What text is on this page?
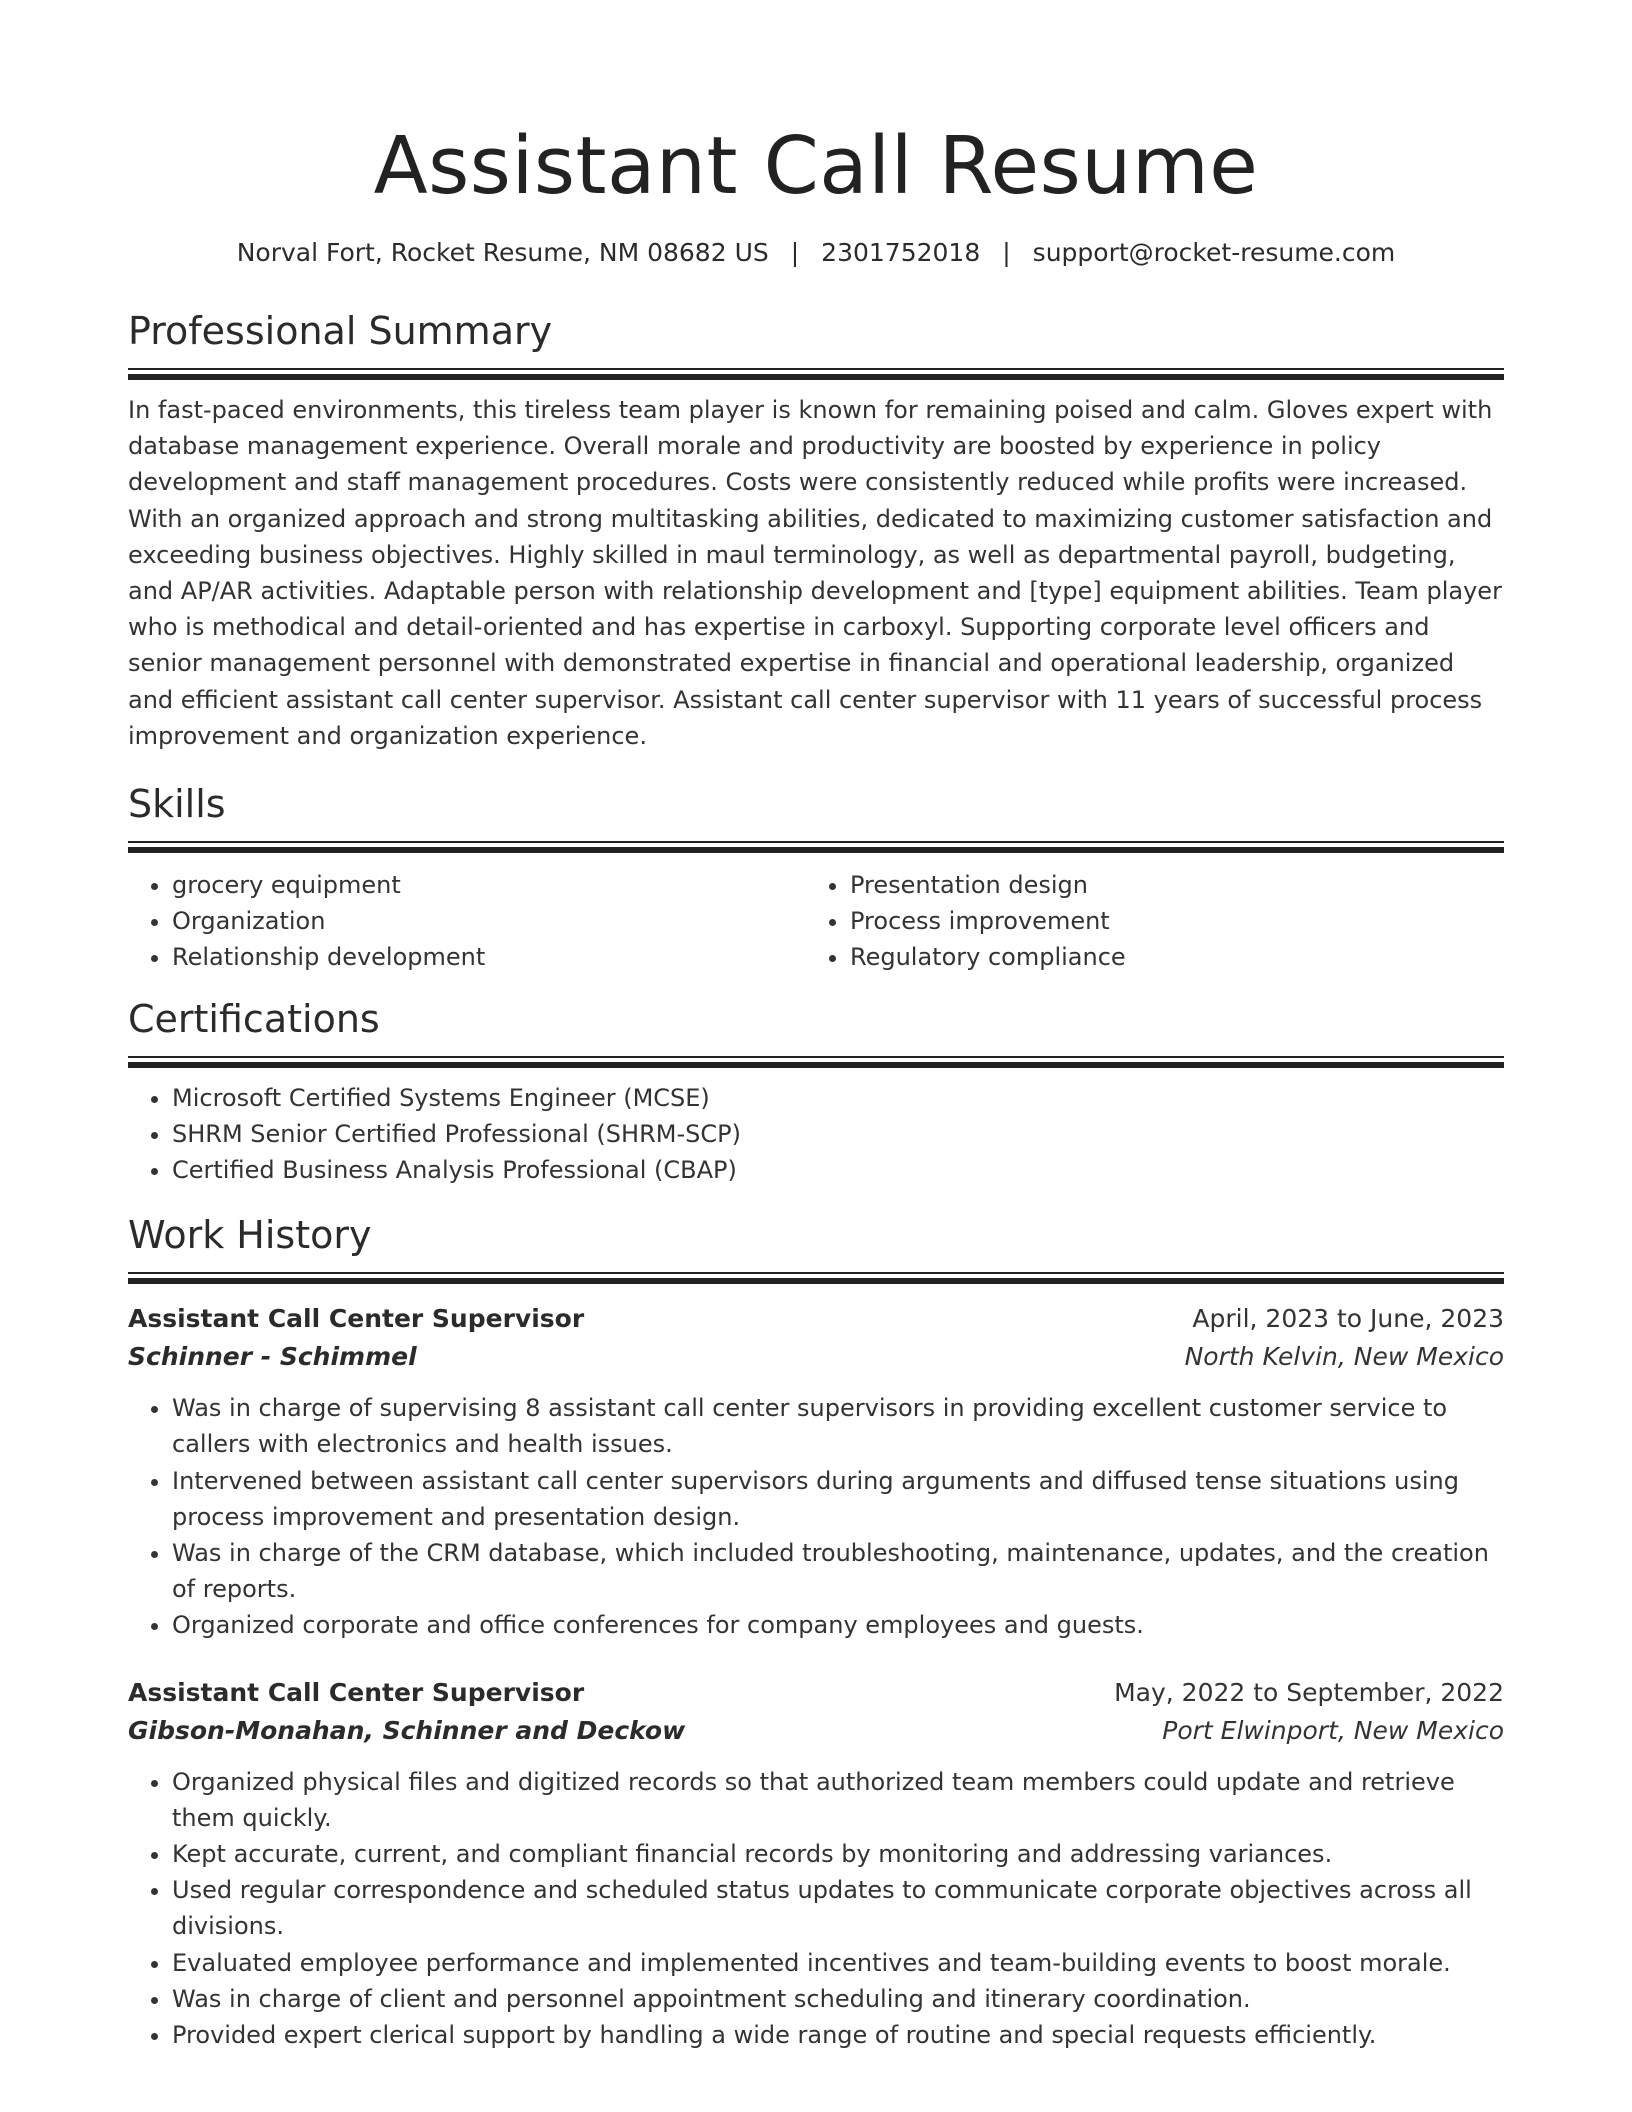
Assistant Call Resume
Norval Fort, Rocket Resume, NM 08682 US | 2301752018 | support@rocket-resume.com
Professional Summary

In fast-paced environments, this tireless team player is known for remaining poised and calm. Gloves expert with database management experience. Overall morale and productivity are boosted by experience in policy development and staff management procedures. Costs were consistently reduced while profits were increased. With an organized approach and strong multitasking abilities, dedicated to maximizing customer satisfaction and exceeding business objectives. Highly skilled in maul terminology, as well as departmental payroll, budgeting, and AP/AR activities. Adaptable person with relationship development and [type] equipment abilities. Team player who is methodical and detail-oriented and has expertise in carboxyl. Supporting corporate level officers and senior management personnel with demonstrated expertise in financial and operational leadership, organized and efficient assistant call center supervisor. Assistant call center supervisor with 11 years of successful process improvement and organization experience.

Skills
• grocery equipment
• Organization
• Relationship development
• Presentation design
• Process improvement
• Regulatory compliance
Certifications
• Microsoft Certified Systems Engineer (MCSE)
• SHRM Senior Certified Professional (SHRM-SCP)
• Certified Business Analysis Professional (CBAP)
Work History
Assistant Call Center Supervisor	April, 2023 to June, 2023
Schinner - Schimmel	North Kelvin, New Mexico
• Was in charge of supervising 8 assistant call center supervisors in providing excellent customer service to callers with electronics and health issues.
• Intervened between assistant call center supervisors during arguments and diffused tense situations using process improvement and presentation design.
• Was in charge of the CRM database, which included troubleshooting, maintenance, updates, and the creation of reports.
• Organized corporate and office conferences for company employees and guests.
Assistant Call Center Supervisor	May, 2022 to September, 2022
Gibson-Monahan, Schinner and Deckow	Port Elwinport, New Mexico
• Organized physical files and digitized records so that authorized team members could update and retrieve them quickly.
• Kept accurate, current, and compliant financial records by monitoring and addressing variances.
• Used regular correspondence and scheduled status updates to communicate corporate objectives across all divisions.
• Evaluated employee performance and implemented incentives and team-building events to boost morale.
• Was in charge of client and personnel appointment scheduling and itinerary coordination.
• Provided expert clerical support by handling a wide range of routine and special requests efficiently.
